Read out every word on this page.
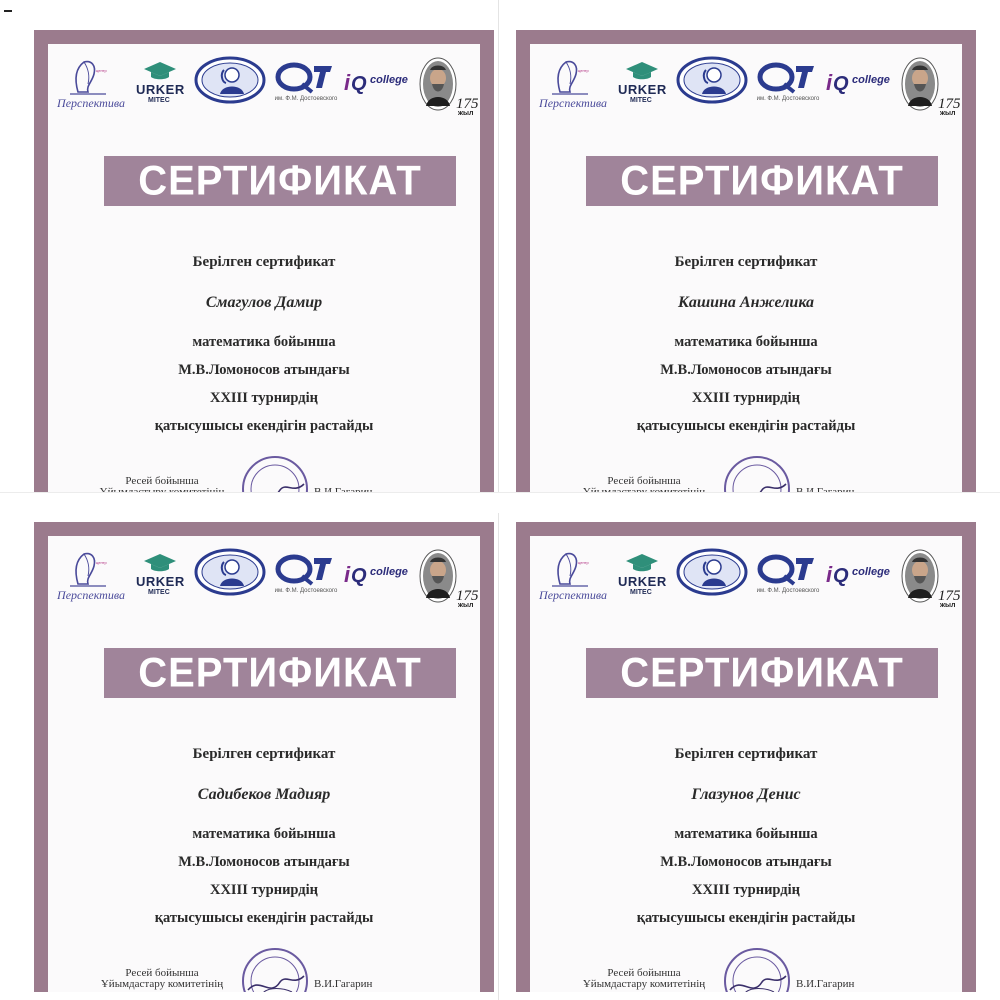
центр
Перспектива
URKER
MITEC	им. Ф.М. Достоевского
i Q college
175
жыл
СЕРТИФИКАТ
Берілген сертификат
Смагулов Дамир
математика бойынша
М.В.Ломоносов атындағы
XXIII турнирдің
қатысушысы екендігін растайды
Ресей бойынша
центр
Перспектива
URKER
MITEC	им. Ф.М. Достоевского
i Q college
175
жыл
СЕРТИФИКАТ
Берілген сертификат
Кашина Анжелика
математика бойынша
М.В.Ломоносов атындағы
XXIII турнирдің
қатысушысы екендігін растайды
Ресей бойынша
центр
Перспектива
URKER
MITEC	им. Ф.М. Достоевского
i Q college
175
жыл
СЕРТИФИКАТ
Берілген сертификат
Садибеков Мадияр
математика бойынша
М.В.Ломоносов атындағы
XXIII турнирдің
қатысушысы екендігін растайды
Ресей бойынша
Ұйымдастару комитетінің	В.И.Гагарин
центр
Перспектива
URKER
MITEC	им. Ф.М. Достоевского
i Q college
175
жыл
СЕРТИФИКАТ
Берілген сертификат
Глазунов Денис
математика бойынша
М.В.Ломоносов атындағы
XXIII турнирдің
қатысушысы екендігін растайды
Ресей бойынша
Ұйымдастару комитетінің	В.И.Гагарин
